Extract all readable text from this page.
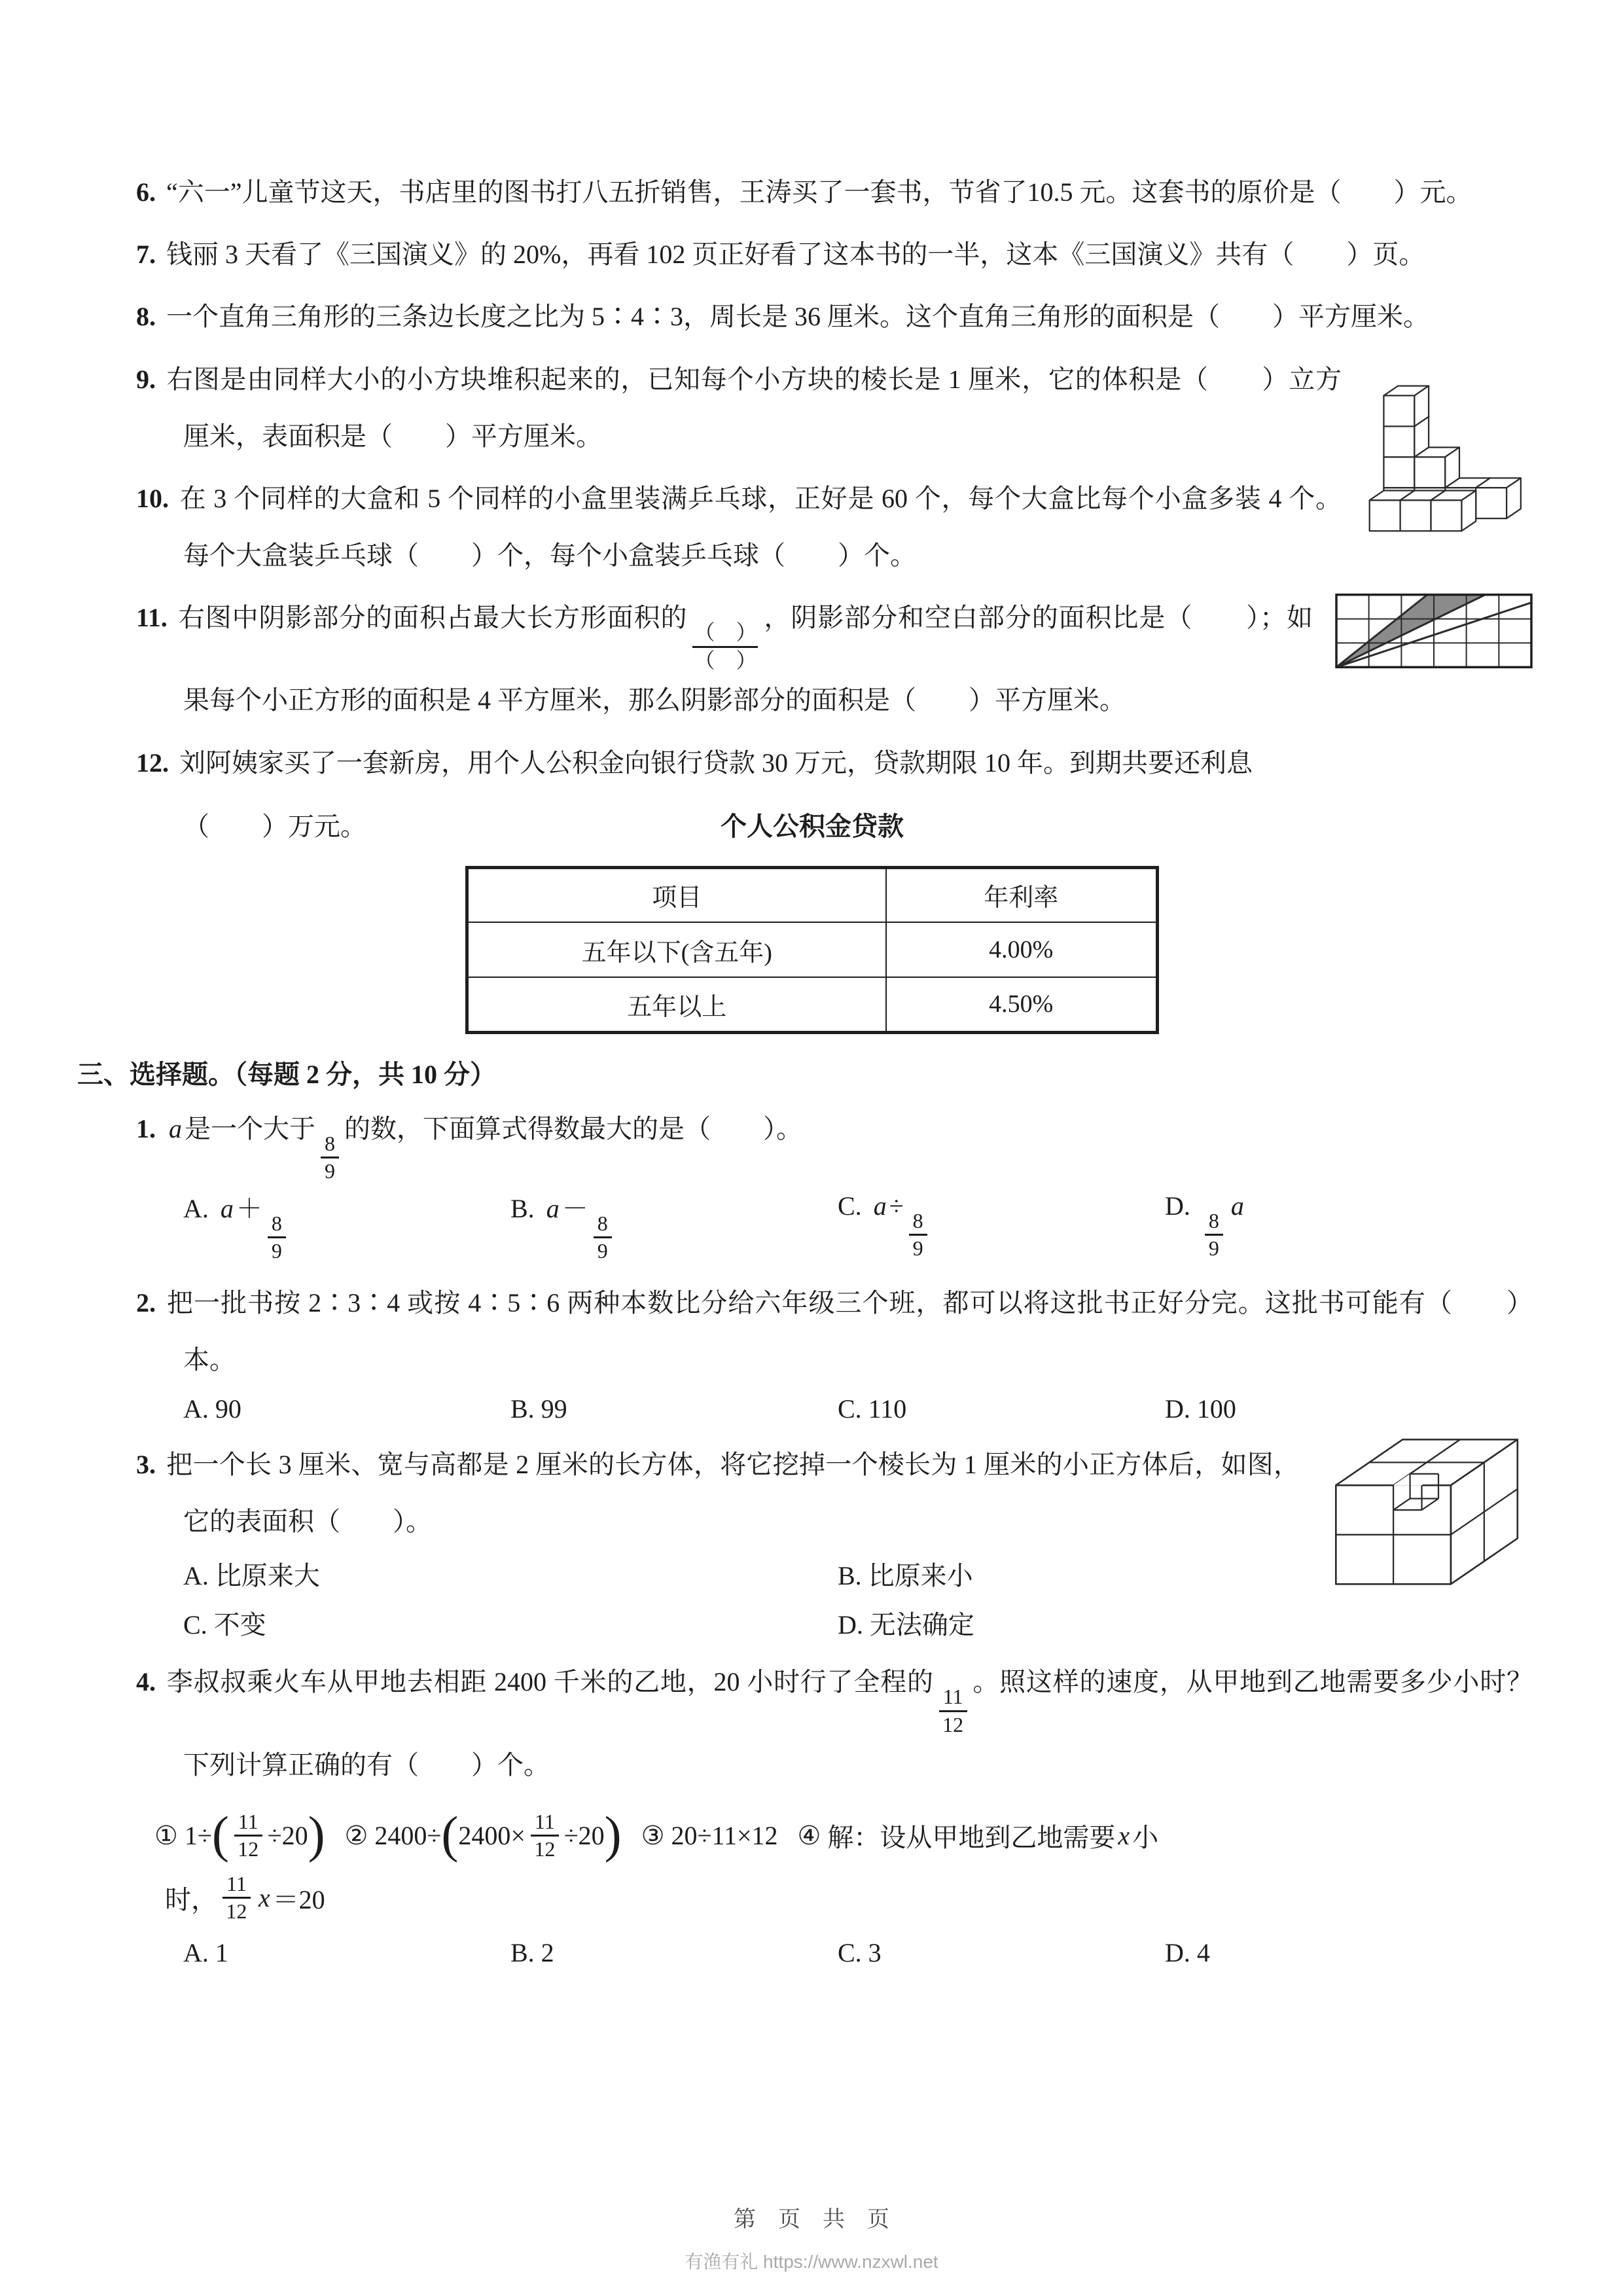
6. “六一”儿童节这天，书店里的图书打八五折销售，王涛买了一套书，节省了10.5 元。这套书的原价是（　　）元。
7. 钱丽 3 天看了《三国演义》的 20%，再看 102 页正好看了这本书的一半，这本《三国演义》共有（　　）页。
8. 一个直角三角形的三条边长度之比为 5∶4∶3，周长是 36 厘米。这个直角三角形的面积是（　　）平方厘米。
9. 右图是由同样大小的小方块堆积起来的，已知每个小方块的棱长是 1 厘米，它的体积是（　　）立方厘米，表面积是（　　）平方厘米。
10. 在 3 个同样的大盒和 5 个同样的小盒里装满乒乓球，正好是 60 个，每个大盒比每个小盒多装 4 个。每个大盒装乒乓球（　　）个，每个小盒装乒乓球（　　）个。
11. 右图中阴影部分的面积占最大长方形面积的
$\frac{( )}{( )}$
，阴影部分和空白部分的面积比是（　　）；如果每个小正方形的面积是 4 平方厘米，那么阴影部分的面积是（　　）平方厘米。
12. 刘阿姨家买了一套新房，用个人公积金向银行贷款 30 万元，贷款期限 10 年。到期共要还利息
（　　）万元。	个人公积金贷款
项目	年利率
五年以下(含五年)	4.00%
五年以上	4.50%
三、选择题。（每题 2 分，共 10 分）
1. a 是一个大于
$\frac{8}{9}$
的数，下面算式得数最大的是（　　）。
A. a ＋
$\frac{8}{9}$
B. a －
$\frac{8}{9}$
C. a ÷
$\frac{8}{9}$
D.
$\frac{8}{9}$
a
2. 把一批书按 2∶3∶4 或按 4∶5∶6 两种本数比分给六年级三个班，都可以将这批书正好分完。这批书可能有（　　）本。
A. 90	B. 99	C. 110	D. 100
3. 把一个长 3 厘米、宽与高都是 2 厘米的长方体，将它挖掉一个棱长为 1 厘米的小正方体后，如图，它的表面积（　　）。
A. 比原来大	B. 比原来小
C. 不变	D. 无法确定
4. 李叔叔乘火车从甲地去相距 2400 千米的乙地，20 小时行了全程的
$\frac{11}{12}$
。照这样的速度，从甲地到乙地需要多少小时？下列计算正确的有（　　）个。
① 1÷ ( $\frac{11}{12} \div 20$ ) ② 2400÷ ( $2400\times \frac{11}{12} \div 20$ ) ③ 20÷11×12 ④ 解：设从甲地到乙地需要 x 小
时， $\frac{11}{12}$ x ＝20
A. 1	B. 2	C. 3	D. 4
第　页　共　页
有渔有礼 https://www.nzxwl.net
